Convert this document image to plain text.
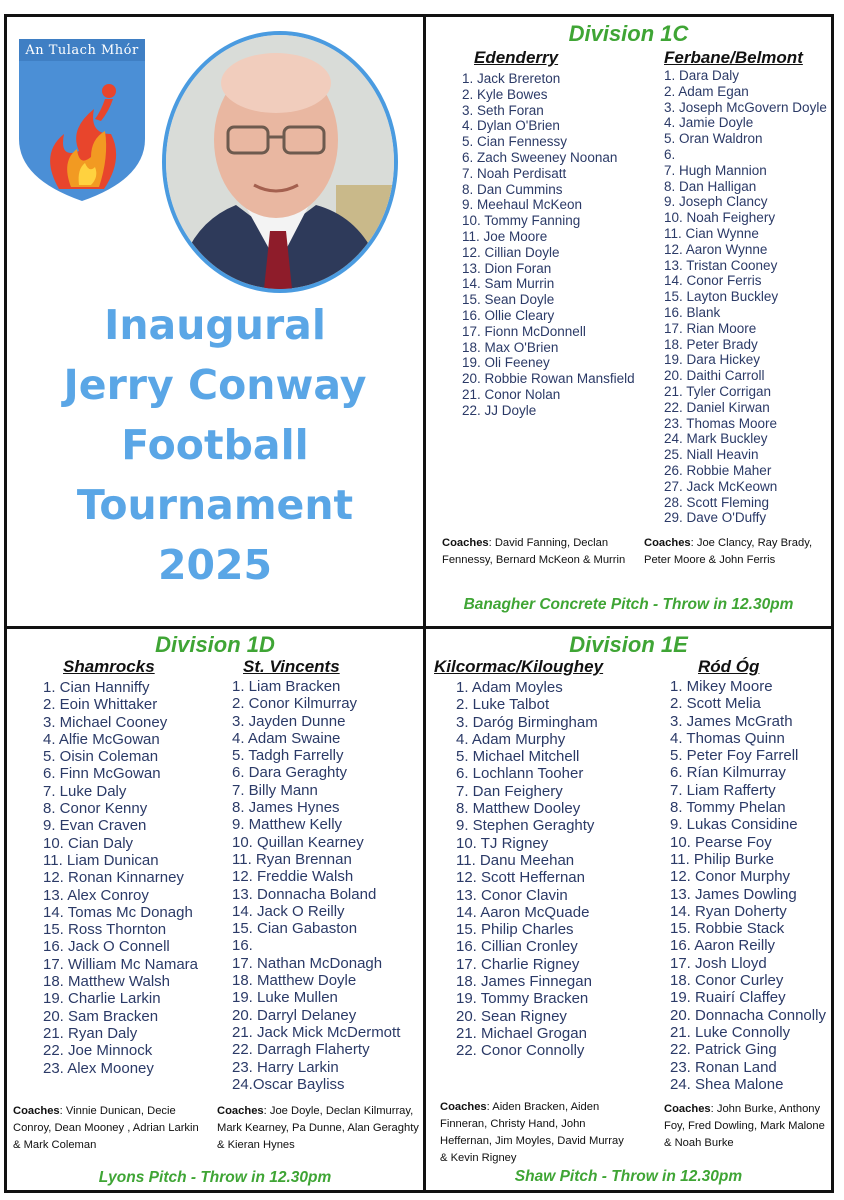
An Tulach Mhór
Inaugural
Jerry Conway
Football
Tournament
2025
Division 1C
Edenderry
1. Jack Brereton
2. Kyle Bowes
3. Seth Foran
4. Dylan O'Brien
5. Cian Fennessy
6. Zach Sweeney Noonan
7. Noah Perdisatt
8. Dan Cummins
9. Meehaul McKeon
10. Tommy Fanning
11. Joe Moore
12. Cillian Doyle
13. Dion Foran
14. Sam Murrin
15. Sean Doyle
16. Ollie Cleary
17. Fionn McDonnell
18. Max O'Brien
19. Oli Feeney
20. Robbie Rowan Mansfield
21. Conor Nolan
22. JJ Doyle
Ferbane/Belmont
1. Dara Daly
2. Adam Egan
3. Joseph McGovern Doyle
4. Jamie Doyle
5. Oran Waldron
6.
7. Hugh Mannion
8. Dan Halligan
9. Joseph Clancy
10. Noah Feighery
11. Cian Wynne
12. Aaron Wynne
13. Tristan Cooney
14. Conor Ferris
15. Layton Buckley
16. Blank
17. Rian Moore
18. Peter Brady
19. Dara Hickey
20. Daithi Carroll
21. Tyler Corrigan
22. Daniel Kirwan
23. Thomas Moore
24. Mark Buckley
25. Niall Heavin
26. Robbie Maher
27. Jack McKeown
28. Scott Fleming
29. Dave O'Duffy
Coaches: David Fanning, Declan Fennessy, Bernard McKeon & Murrin
Coaches: Joe Clancy, Ray Brady, Peter Moore & John Ferris
Banagher Concrete Pitch - Throw in 12.30pm
Division 1D
Shamrocks
1. Cian Hanniffy
2. Eoin Whittaker
3. Michael Cooney
4. Alfie McGowan
5. Oisin Coleman
6. Finn McGowan
7. Luke Daly
8. Conor Kenny
9. Evan Craven
10. Cian Daly
11. Liam Dunican
12. Ronan Kinnarney
13. Alex Conroy
14. Tomas Mc Donagh
15. Ross Thornton
16. Jack O Connell
17. William Mc Namara
18. Matthew Walsh
19. Charlie Larkin
20. Sam Bracken
21. Ryan Daly
22. Joe Minnock
23. Alex Mooney
St. Vincents
1. Liam Bracken
2. Conor Kilmurray
3. Jayden Dunne
4. Adam Swaine
5. Tadgh Farrelly
6. Dara Geraghty
7. Billy Mann
8. James Hynes
9. Matthew Kelly
10. Quillan Kearney
11. Ryan Brennan
12. Freddie Walsh
13. Donnacha Boland
14. Jack O Reilly
15. Cian Gabaston
16.
17. Nathan McDonagh
18. Matthew Doyle
19. Luke Mullen
20. Darryl Delaney
21. Jack Mick McDermott
22. Darragh Flaherty
23. Harry Larkin
24.Oscar Bayliss
Coaches: Vinnie Dunican, Decie Conroy, Dean Mooney , Adrian Larkin & Mark Coleman
Coaches: Joe Doyle, Declan Kilmurray, Mark Kearney, Pa Dunne, Alan Geraghty & Kieran Hynes
Lyons Pitch - Throw in 12.30pm
Division 1E
Kilcormac/Kiloughey
1. Adam Moyles
2. Luke Talbot
3. Daróg Birmingham
4. Adam Murphy
5. Michael Mitchell
6. Lochlann Tooher
7. Dan Feighery
8. Matthew Dooley
9. Stephen Geraghty
10. TJ Rigney
11. Danu Meehan
12. Scott Heffernan
13. Conor Clavin
14. Aaron McQuade
15. Philip Charles
16. Cillian Cronley
17. Charlie Rigney
18. James Finnegan
19. Tommy Bracken
20. Sean Rigney
21. Michael Grogan
22. Conor Connolly
Ród Óg
1. Mikey Moore
2. Scott Melia
3. James McGrath
4. Thomas Quinn
5. Peter Foy Farrell
6. Rían Kilmurray
7. Liam Rafferty
8. Tommy Phelan
9. Lukas Considine
10. Pearse Foy
11. Philip Burke
12. Conor Murphy
13. James Dowling
14. Ryan Doherty
15. Robbie Stack
16. Aaron Reilly
17. Josh Lloyd
18. Conor Curley
19. Ruairí Claffey
20. Donnacha Connolly
21. Luke Connolly
22. Patrick Ging
23. Ronan Land
24. Shea Malone
Coaches: Aiden Bracken, Aiden Finneran, Christy Hand, John Heffernan, Jim Moyles, David Murray & Kevin Rigney
Coaches: John Burke, Anthony Foy, Fred Dowling, Mark Malone & Noah Burke
Shaw Pitch - Throw in 12.30pm
